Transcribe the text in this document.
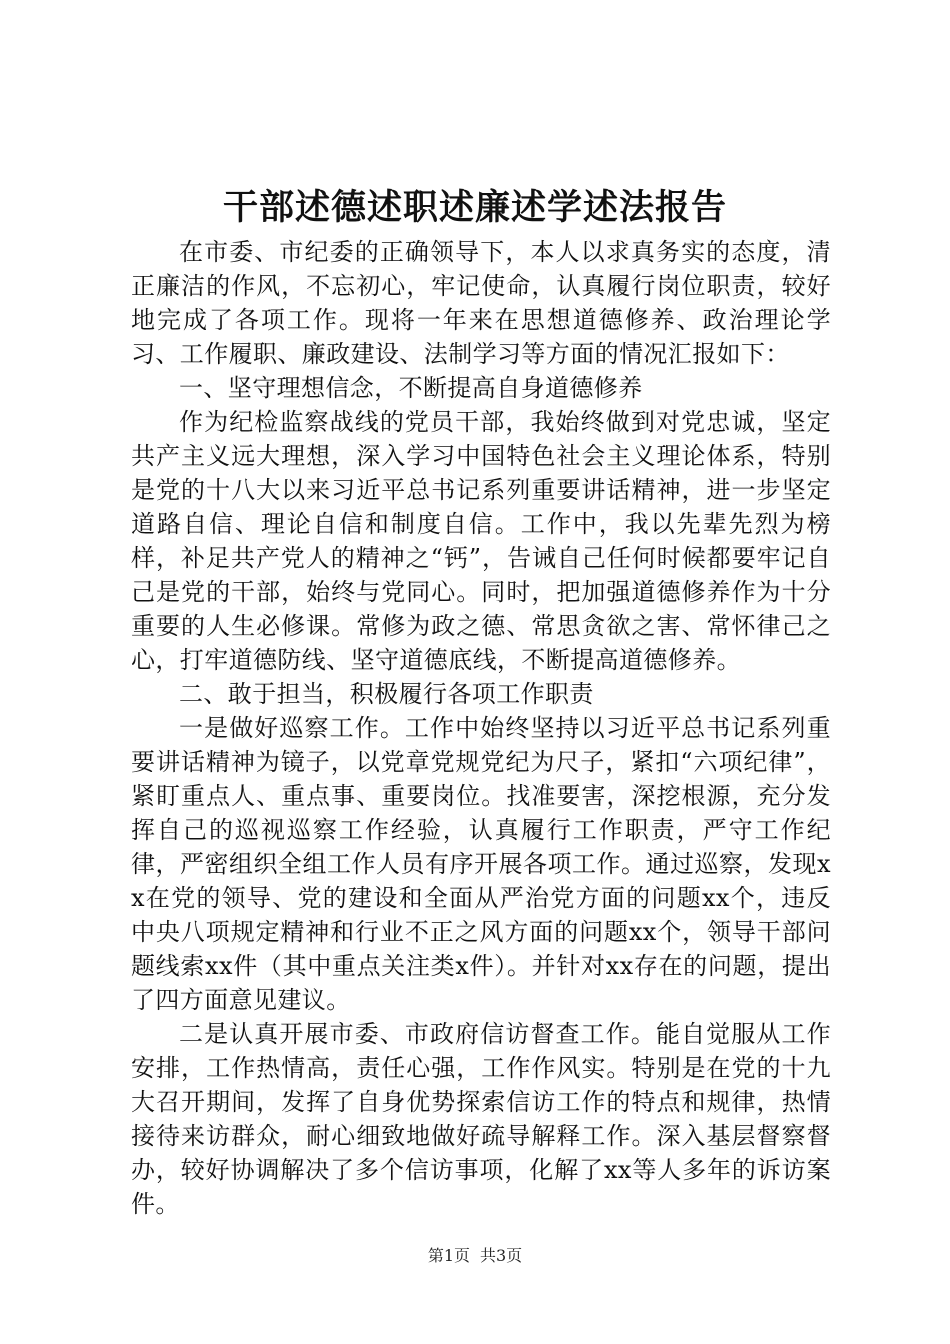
干部述德述职述廉述学述法报告

在市委、市纪委的正确领导下，本人以求真务实的态度，清正廉洁的作风，不忘初心，牢记使命，认真履行岗位职责，较好地完成了各项工作。现将一年来在思想道德修养、政治理论学习、工作履职、廉政建设、法制学习等方面的情况汇报如下：

一、坚守理想信念，不断提高自身道德修养

作为纪检监察战线的党员干部，我始终做到对党忠诚，坚定共产主义远大理想，深入学习中国特色社会主义理论体系，特别是党的十八大以来习近平总书记系列重要讲话精神，进一步坚定道路自信、理论自信和制度自信。工作中，我以先辈先烈为榜样，补足共产党人的精神之“钙”，告诫自己任何时候都要牢记自己是党的干部，始终与党同心。同时，把加强道德修养作为十分重要的人生必修课。常修为政之德、常思贪欲之害、常怀律己之心，打牢道德防线、坚守道德底线，不断提高道德修养。

二、敢于担当，积极履行各项工作职责

一是做好巡察工作。工作中始终坚持以习近平总书记系列重要讲话精神为镜子，以党章党规党纪为尺子，紧扣“六项纪律”，紧盯重点人、重点事、重要岗位。找准要害，深挖根源，充分发挥自己的巡视巡察工作经验，认真履行工作职责，严守工作纪律，严密组织全组工作人员有序开展各项工作。通过巡察，发现xx在党的领导、党的建设和全面从严治党方面的问题xx个，违反中央八项规定精神和行业不正之风方面的问题xx个，领导干部问题线索xx件（其中重点关注类x件）。并针对xx存在的问题，提出了四方面意见建议。

二是认真开展市委、市政府信访督查工作。能自觉服从工作安排，工作热情高，责任心强，工作作风实。特别是在党的十九大召开期间，发挥了自身优势探索信访工作的特点和规律，热情接待来访群众，耐心细致地做好疏导解释工作。深入基层督察督办，较好协调解决了多个信访事项，化解了xx等人多年的诉访案件。

第1页 共3页
